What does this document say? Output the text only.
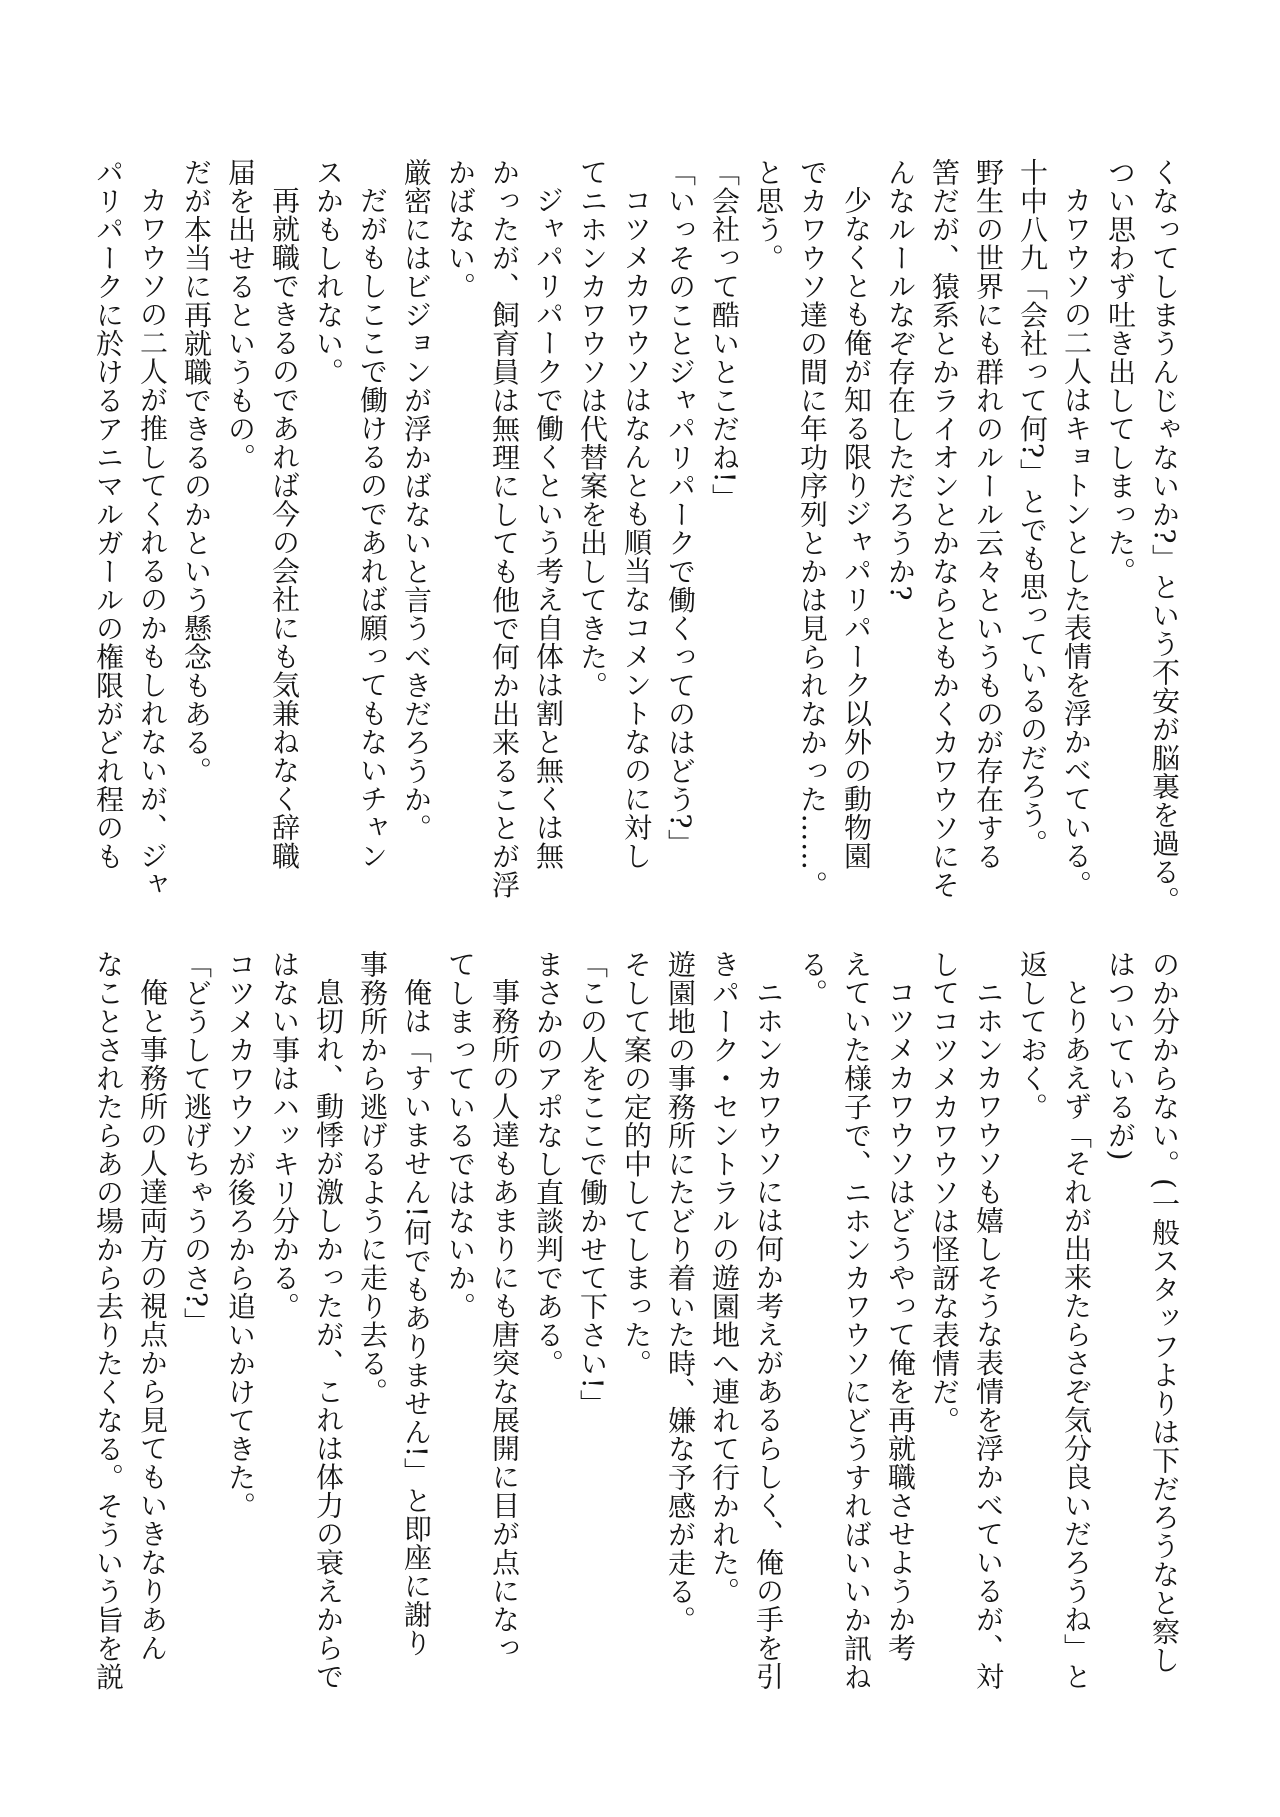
くなってしまうんじゃないか?」という不安が脳裏を過る。

つい思わず吐き出してしまった。

カワウソの二人はキョトンとした表情を浮かべている。

十中八九「会社って何?」とでも思っているのだろう。

野生の世界にも群れのルール云々というものが存在する

筈だが、猿系とかライオンとかならともかくカワウソにそ

んなルールなぞ存在しただろうか?

少なくとも俺が知る限りジャパリパーク以外の動物園

でカワウソ達の間に年功序列とかは見られなかった……。

と思う。

「会社って酷いとこだね!」

「いっそのことジャパリパークで働くってのはどう?」

コツメカワウソはなんとも順当なコメントなのに対し

てニホンカワウソは代替案を出してきた。

ジャパリパークで働くという考え自体は割と無くは無

かったが、飼育員は無理にしても他で何か出来ることが浮

かばない。

厳密にはビジョンが浮かばないと言うべきだろうか。

だがもしここで働けるのであれば願ってもないチャン

スかもしれない。

再就職できるのであれば今の会社にも気兼ねなく辞職

届を出せるというもの。

だが本当に再就職できるのかという懸念もある。

カワウソの二人が推してくれるのかもしれないが、ジャ

パリパークに於けるアニマルガールの権限がどれ程のも

のか分からない。(一般スタッフよりは下だろうなと察し

はついているが)

とりあえず「それが出来たらさぞ気分良いだろうね」と

返しておく。

ニホンカワウソも嬉しそうな表情を浮かべているが、対

してコツメカワウソは怪訝な表情だ。

コツメカワウソはどうやって俺を再就職させようか考

えていた様子で、ニホンカワウソにどうすればいいか訊ね

る。

ニホンカワウソには何か考えがあるらしく、俺の手を引

きパーク・セントラルの遊園地へ連れて行かれた。

遊園地の事務所にたどり着いた時、嫌な予感が走る。

そして案の定的中してしまった。

「この人をここで働かせて下さい!」

まさかのアポなし直談判である。

事務所の人達もあまりにも唐突な展開に目が点になっ

てしまっているではないか。

俺は「すいません!何でもありません!」と即座に謝り

事務所から逃げるように走り去る。

息切れ、動悸が激しかったが、これは体力の衰えからで

はない事はハッキリ分かる。

コツメカワウソが後ろから追いかけてきた。

「どうして逃げちゃうのさ?」

俺と事務所の人達両方の視点から見てもいきなりあん

なことされたらあの場から去りたくなる。そういう旨を説
